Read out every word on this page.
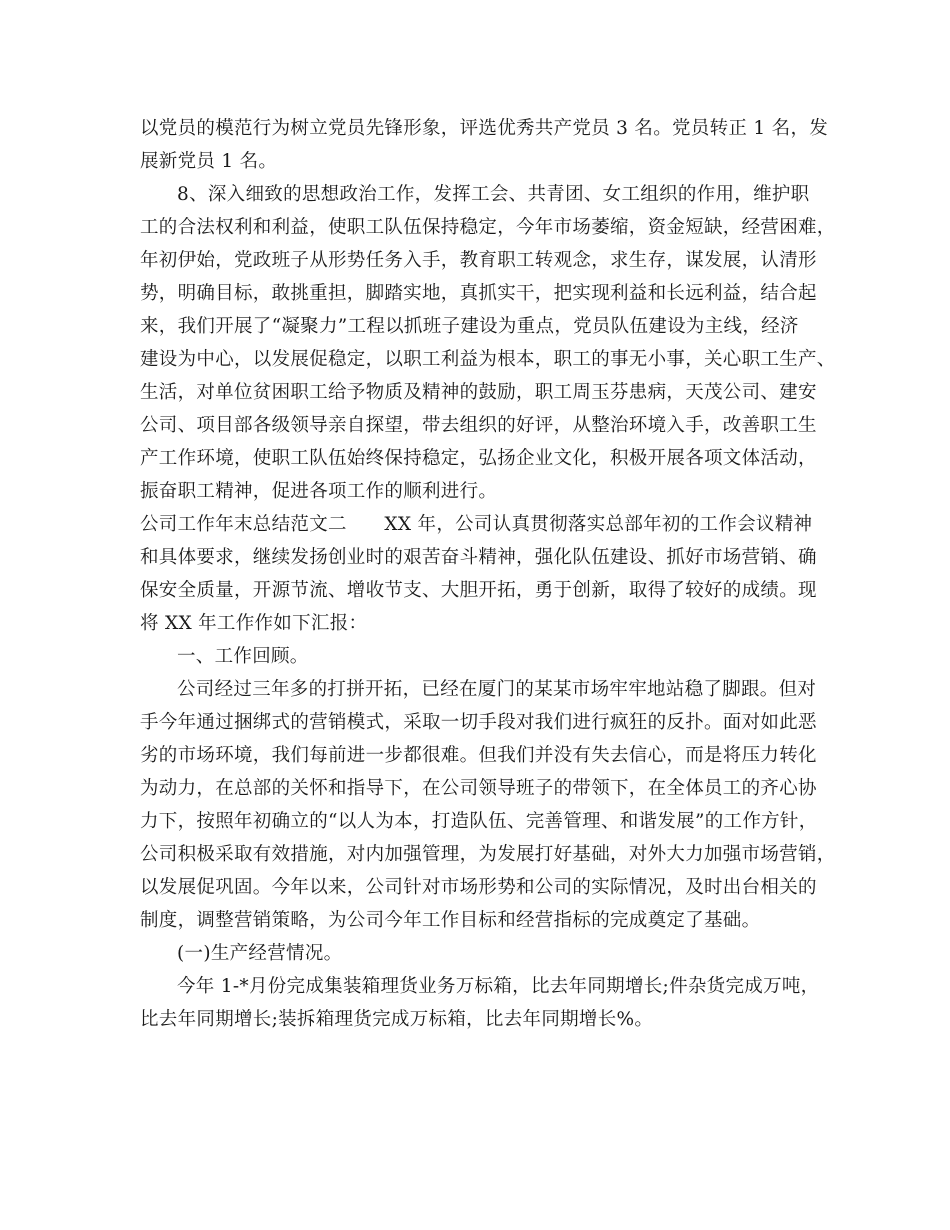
以党员的模范行为树立党员先锋形象，评选优秀共产党员 3 名。党员转正 1 名，发
展新党员 1 名。

8、深入细致的思想政治工作，发挥工会、共青团、女工组织的作用，维护职
工的合法权利和利益，使职工队伍保持稳定，今年市场萎缩，资金短缺，经营困难，
年初伊始，党政班子从形势任务入手，教育职工转观念，求生存，谋发展，认清形
势，明确目标，敢挑重担，脚踏实地，真抓实干，把实现利益和长远利益，结合起
来，我们开展了“凝聚力”工程以抓班子建设为重点，党员队伍建设为主线，经济
建设为中心，以发展促稳定，以职工利益为根本，职工的事无小事，关心职工生产、
生活，对单位贫困职工给予物质及精神的鼓励，职工周玉芬患病，天茂公司、建安
公司、项目部各级领导亲自探望，带去组织的好评，从整治环境入手，改善职工生
产工作环境，使职工队伍始终保持稳定，弘扬企业文化，积极开展各项文体活动，
振奋职工精神，促进各项工作的顺利进行。

公司工作年末总结范文二　　XX 年，公司认真贯彻落实总部年初的工作会议精神
和具体要求，继续发扬创业时的艰苦奋斗精神，强化队伍建设、抓好市场营销、确
保安全质量，开源节流、增收节支、大胆开拓，勇于创新，取得了较好的成绩。现
将 XX 年工作作如下汇报：

一、工作回顾。

公司经过三年多的打拼开拓，已经在厦门的某某市场牢牢地站稳了脚跟。但对
手今年通过捆绑式的营销模式，采取一切手段对我们进行疯狂的反扑。面对如此恶
劣的市场环境，我们每前进一步都很难。但我们并没有失去信心，而是将压力转化
为动力，在总部的关怀和指导下，在公司领导班子的带领下，在全体员工的齐心协
力下，按照年初确立的“以人为本，打造队伍、完善管理、和谐发展”的工作方针，
公司积极采取有效措施，对内加强管理，为发展打好基础，对外大力加强市场营销，
以发展促巩固。今年以来，公司针对市场形势和公司的实际情况，及时出台相关的
制度，调整营销策略，为公司今年工作目标和经营指标的完成奠定了基础。

(一)生产经营情况。

今年 1-*月份完成集装箱理货业务万标箱，比去年同期增长;件杂货完成万吨，
比去年同期增长;装拆箱理货完成万标箱，比去年同期增长%。
